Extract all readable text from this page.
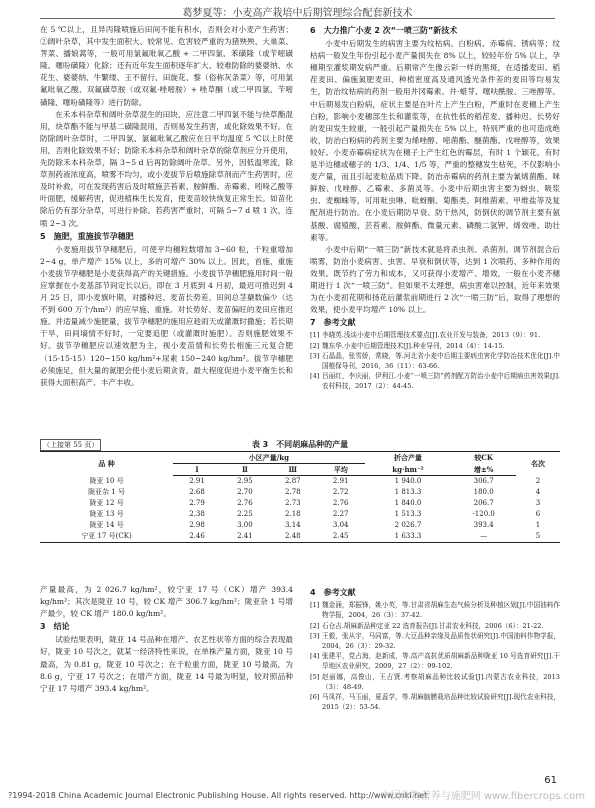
葛梦夏等：小麦高产栽培中后期管理综合配套新技术

在 5 ℃以上，且异丙隆喷施后田间不能有积水，否则会对小麦产生药害；②阔叶杂草，其中发生面积大、较常见、危害较严重的为猪殃殃、大巢菜、荠菜、播娘蒿等，一般可用氯氟吡氧乙酸 + 二甲四氯、苯磺隆（或苄嘧磺隆、噻吩磺隆）化除；还有近年发生面积逐年扩大、较难防除的婆婆纳、水花生、婆婆纳、牛繁缕、王不留行、田旋花、黎（俗称灰条菜）等，可用氯氟吡氧乙酸、双氟磺草胺（或双氟·唑嘧胺）+ 唑草酮（或二甲四氯、苄嘧磺隆、噻吩磺隆等）进行防除。

在禾本科杂草和阔叶杂草混生的田块，应注意二甲四氯不能与炔草酯混用，炔草酯不能与甲基二磺隆混用，否则易发生药害，或化除效果不好。在防除阔叶杂草时，二甲四氯、氯氟吡氧乙酸应在日平均温度 5 ℃以上时使用，否则化除效果不好；防除禾本科杂草和阔叶杂草的除草剂应分开使用，先防除禾本科杂草，隔 3~5 d 后再防除阔叶杂草。另外，因低温寒流，除草剂药液浓度高，喷雾不均匀，或小麦拔节后喷施除草剂而产生药害时，应及时补救，可在发现药害后及时喷施芸苔素、胺鲜酯、赤霉素、吲哚乙酸等叶面肥，缓解药害，促进植株生长发育，使麦苗较快恢复正常生长。如苗化除后仍有部分杂草，可进行补除。若药害严重时，可隔 5~7 d 喷 1 次，连喷 2~3 次。

5　施肥，重施拔节孕穗肥

小麦施用拔节孕穗肥后，可使平均穗粒数增加 3~60 粒，千粒重增加 2~4 g，单产增产 15% 以上，多的可增产 30% 以上。因此，首施、重施小麦拔节孕穗肥是小麦获得高产的关键措施。小麦拔节孕穗肥施用时间一般应掌握在小麦基部节间定长以后，即在 3 月底到 4 月初，最迟可推迟到 4 月 25 日，即小麦旗叶期，对播种迟、麦苗长势差、田间总茎蘖数偏少（达不到 600 万个/hm²）的应早施、重施。对长势好、麦苗偏旺的麦田应推迟施、并适量减少施肥量，拔节孕穗肥的施用应趁雨天或灌溉时撒施；若长期干旱，田间墒情不好时，一定要追肥（或灌溉时施肥）。否则施肥效果不好。拔节孕穗肥应以速效肥为主，视小麦苗情和长势长相施三元复合肥（15-15-15）120~150 kg/hm²+尿素 150~240 kg/hm²。拔节孕穗肥必须施足，但大量的氮肥会使小麦后期贪青，最大程度促进小麦平衡生长和获得大面积高产、丰产丰收。

6　大力推广小麦 2 次“一喷三防”新技术

小麦中后期发生的病害主要为纹枯病、白粉病、赤霉病、锈病等；纹枯病一般发生年份引起小麦产量损失在 8% 以上，较轻年份 5% 以上，孕穗期至灌浆期发病严重。后期常产生像云彩一样的黑斑，在适播麦田、稻茬麦田、偏施氮肥麦田、种植密度高及通风透光条件差的麦田等均易发生，防治纹枯病的药剂一般用井冈霉素、井·蜡芽、噻呋酰胺、三唑醇等。中后期易发白粉病，症状主要是在叶片上产生白粉，严重时在麦穗上产生白粉，影响小麦穗部生长和灌浆等，在抗性低的稻茬麦、播种迟、长势好的麦田发生较重，一般引起产量损失在 5% 以上，特别严重的也可造成绝收，防治白粉病的药剂主要为烯唑醇、嘧菌酯、醚菌酯、戊唑醇等，效果较好。小麦赤霉病症状为在穗子上产生红色的霉层，有时 1 个颖花，有时是半边穗或穗子的 1/3、1/4、1/5 等，严重的整穗发生枯死，不仅影响小麦产量，而且引起麦粒品质下降。防治赤霉病的药剂主要为氰烯菌酯、咪鲜胺、戊唑醇、乙霉素、多菌灵等。小麦中后期虫害主要为蚜虫、吸浆虫、麦蜘蛛等，可用吡虫啉、吡蚜酮、菊酯类、阿维菌素、甲维盐等及复配剂进行防治。在小麦后期防早衰、防干热风，防倒伏的调节剂主要有氨基酸、腐殖酸、芸苔素、胺鲜酯、微量元素、磷酸二氢钾、烯效唑、助壮素等。

小麦中后期“一喷三防”新技术就是将杀虫剂、杀菌剂、调节剂混合后喷雾，防治小麦病害、虫害、早衰和倒伏等，达到 1 次喷药、多种作用的效果。既节约了劳力和成本，又可获得小麦增产、增效，一般在小麦齐穗期进行 1 次“一喷三防”。但如果不太理想，病虫害难以控制，近年来效果为在小麦初花期和扬花后灌浆前期进行 2 次“一喷三防”后，取得了理想的效果，使小麦平均增产 10% 以上。

7　参考文献
[1] 李晓英.浅谈小麦中后期管理技术要点[J].农业开发与装备，2013（9）：91.
[2] 魏东华.小麦中后期管理技术[J].种业导刊，2014（4）：14-15.
[3] 石晶晶，张雪娇，常晓，等.河北省小麦中后期主要病虫害化学防治技术优化[J].中国植保导刊，2016，36（11）：63-66.
[4] 吕丽红，李庆丽，伊利江.小麦“一喷三防”药剂配方防治小麦中后期病虫害效果[J].农村科技，2017（2）：44-45.
（上接第 55 页）	表 3　不同胡麻品种的产量
品 种	小区产量/kg				折合产量	较CK	名次
	Ⅰ	Ⅱ	Ⅲ	平均	kg·hm⁻²	增±%	
陇亚 10 号	2.91	2.95	2.87	2.91	1 940.0	306.7	2
陇亚杂 1 号	2.68	2.70	2.78	2.72	1 813.3	180.0	4
陇亚 12 号	2.79	2.76	2.73	2.76	1 840.0	206.7	3
陇亚 13 号	2.38	2.25	2.18	2.27	1 513.3	-120.0	6
陇亚 14 号	2.98	3.00	3.14	3.04	2 026.7	393.4	1
宁亚 17 号(CK)	2.46	2.41	2.48	2.45	1 633.3	—	5

产量最高，为 2 026.7 kg/hm²，较宁亚 17 号（CK）增产 393.4 kg/hm²；其次是陇亚 10 号，较 CK 增产 306.7 kg/hm²；陇亚杂 1 号增产最少，较 CK 增产 180.0 kg/hm²。

3　结论

试验结果表明，陇亚 14 号品种在增产、农艺性状等方面的综合表现最好，陇亚 10 号次之，就某一经济特性来说，在单株产量方面，陇亚 10 号最高，为 0.81 g，陇亚 10 号次之；在千粒重方面，陇亚 10 号最高，为 8.6 g，宁亚 17 号次之；在增产方面，陇亚 14 号最为明显，较对照品种宁亚 17 号增产 393.4 kg/hm²。

4　参考文献
[1] 魏金涌，郑振锋，姚小英，等.甘肃省胡麻生态气候分析及种植区划[J].中国油料作物学报，2004，26（3）：37-42.
[2] 石仓吉.胡麻新品种定亚 22 选育报告[J].甘肃农业科技，2006（6）：21-22.
[3] 王毅，张从宇，马同富，等.大豆品种亲缘及品质性状研究[J].中国油料作物学报，2004，26（3）：29-32.
[4] 张建平，党占海，赵新成，等.高产高抗优质胡麻新品种陇亚 10 号选育研究[J].干旱地区农业研究，2009，27（2）：99-102.
[5] 赵丽娜，高俊山，王占贤.考察胡麻品种比较试验[J].内蒙古农业科技，2013（3）：48-49.
[6] 马凤祥，马玉丽，夏蕊学，等.胡麻脑膜栽培品种比较试验研究[J].现代农业科技，2015（2）：53-54.
61
?1994-2018 China Academic Journal Electronic Publishing House. All rights reserved. http://www.cnki.net
中国作物营养与施肥网 www.fibercrops.com
